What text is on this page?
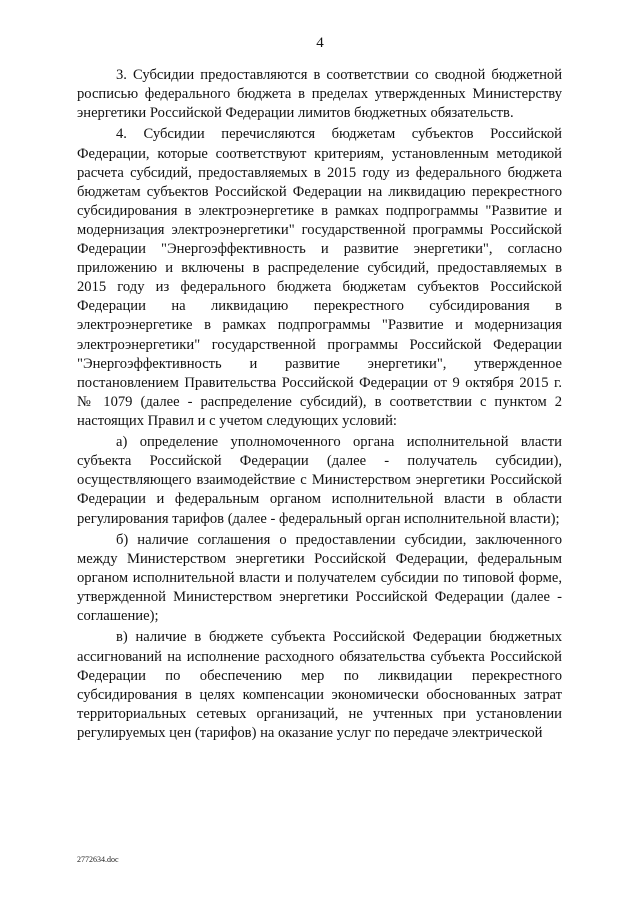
4

3. Субсидии предоставляются в соответствии со сводной бюджетной росписью федерального бюджета в пределах утвержденных Министерству энергетики Российской Федерации лимитов бюджетных обязательств.

4. Субсидии перечисляются бюджетам субъектов Российской Федерации, которые соответствуют критериям, установленным методикой расчета субсидий, предоставляемых в 2015 году из федерального бюджета бюджетам субъектов Российской Федерации на ликвидацию перекрестного субсидирования в электроэнергетике в рамках подпрограммы "Развитие и модернизация электроэнергетики" государственной программы Российской Федерации "Энергоэффективность и развитие энергетики", согласно приложению и включены в распределение субсидий, предоставляемых в 2015 году из федерального бюджета бюджетам субъектов Российской Федерации на ликвидацию перекрестного субсидирования в электроэнергетике в рамках подпрограммы "Развитие и модернизация электроэнергетики" государственной программы Российской Федерации "Энергоэффективность и развитие энергетики", утвержденное постановлением Правительства Российской Федерации от 9 октября 2015 г. № 1079 (далее - распределение субсидий), в соответствии с пунктом 2 настоящих Правил и с учетом следующих условий:

а) определение уполномоченного органа исполнительной власти субъекта Российской Федерации (далее - получатель субсидии), осуществляющего взаимодействие с Министерством энергетики Российской Федерации и федеральным органом исполнительной власти в области регулирования тарифов (далее - федеральный орган исполнительной власти);

б) наличие соглашения о предоставлении субсидии, заключенного между Министерством энергетики Российской Федерации, федеральным органом исполнительной власти и получателем субсидии по типовой форме, утвержденной Министерством энергетики Российской Федерации (далее - соглашение);

в) наличие в бюджете субъекта Российской Федерации бюджетных ассигнований на исполнение расходного обязательства субъекта Российской Федерации по обеспечению мер по ликвидации перекрестного субсидирования в целях компенсации экономически обоснованных затрат территориальных сетевых организаций, не учтенных при установлении регулируемых цен (тарифов) на оказание услуг по передаче электрической

2772634.doc
